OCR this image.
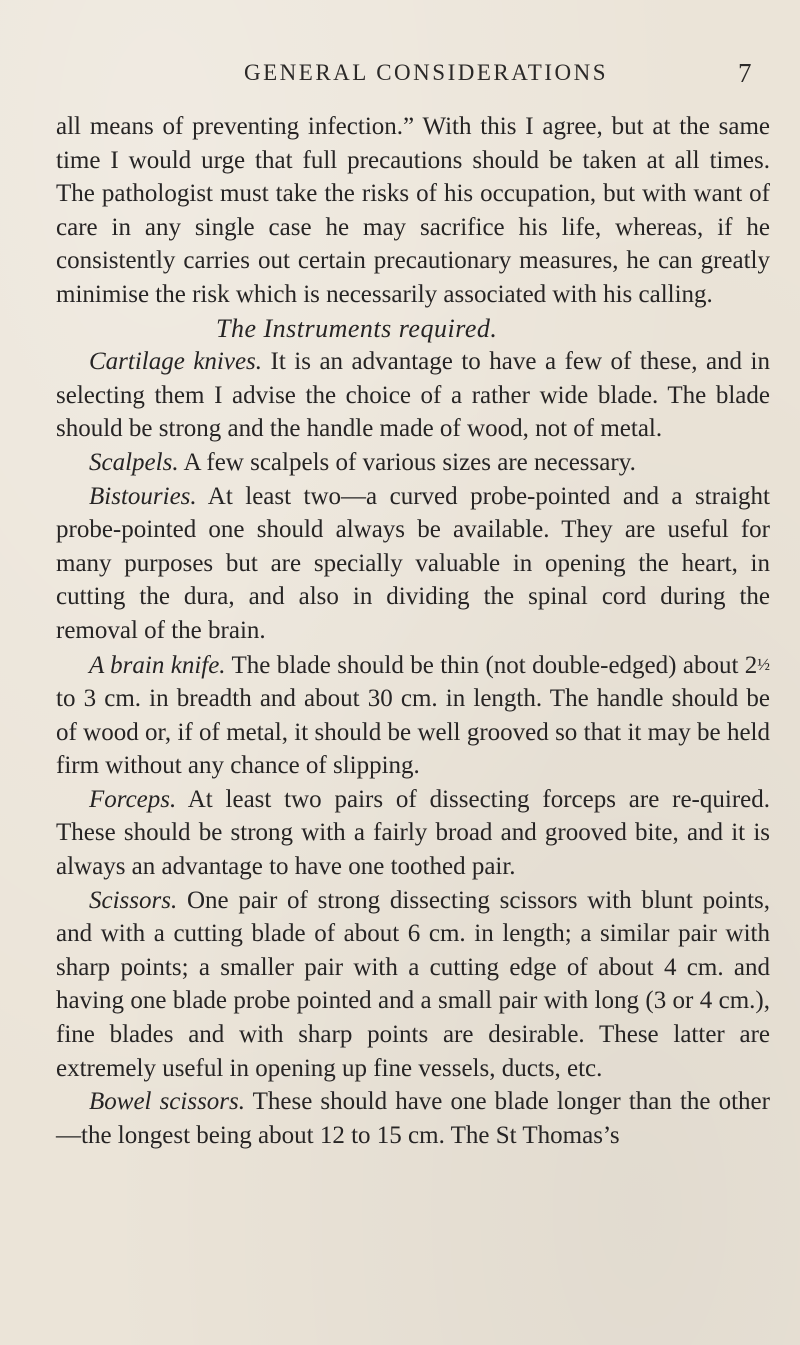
GENERAL CONSIDERATIONS	7

all means of preventing infection.” With this I agree, but at the same time I would urge that full precautions should be taken at all times. The pathologist must take the risks of his occupation, but with want of care in any single case he may sacrifice his life, whereas, if he consistently carries out certain precautionary measures, he can greatly minimise the risk which is necessarily associated with his calling.

The Instruments required.

Cartilage knives. It is an advantage to have a few of these, and in selecting them I advise the choice of a rather wide blade. The blade should be strong and the handle made of wood, not of metal.

Scalpels. A few scalpels of various sizes are necessary.

Bistouries. At least two—a curved probe-pointed and a straight probe-pointed one should always be available. They are useful for many purposes but are specially valuable in opening the heart, in cutting the dura, and also in dividing the spinal cord during the removal of the brain.

A brain knife. The blade should be thin (not double-edged) about 2½ to 3 cm. in breadth and about 30 cm. in length. The handle should be of wood or, if of metal, it should be well grooved so that it may be held firm without any chance of slipping.

Forceps. At least two pairs of dissecting forceps are re-quired. These should be strong with a fairly broad and grooved bite, and it is always an advantage to have one toothed pair.

Scissors. One pair of strong dissecting scissors with blunt points, and with a cutting blade of about 6 cm. in length; a similar pair with sharp points; a smaller pair with a cutting edge of about 4 cm. and having one blade probe pointed and a small pair with long (3 or 4 cm.), fine blades and with sharp points are desirable. These latter are extremely useful in opening up fine vessels, ducts, etc.

Bowel scissors. These should have one blade longer than the other—the longest being about 12 to 15 cm. The St Thomas’s
